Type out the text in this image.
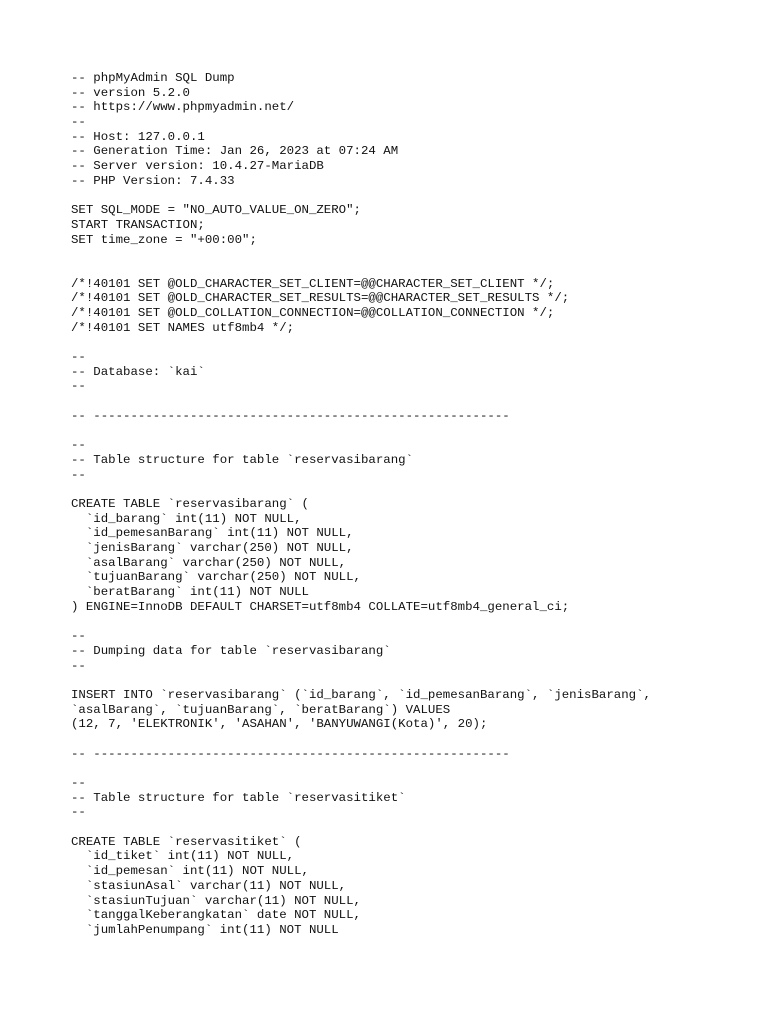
-- phpMyAdmin SQL Dump
-- version 5.2.0
-- https://www.phpmyadmin.net/
--
-- Host: 127.0.0.1
-- Generation Time: Jan 26, 2023 at 07:24 AM
-- Server version: 10.4.27-MariaDB
-- PHP Version: 7.4.33
SET SQL_MODE = "NO_AUTO_VALUE_ON_ZERO";
START TRANSACTION;
SET time_zone = "+00:00";
/*!40101 SET @OLD_CHARACTER_SET_CLIENT=@@CHARACTER_SET_CLIENT */;
/*!40101 SET @OLD_CHARACTER_SET_RESULTS=@@CHARACTER_SET_RESULTS */;
/*!40101 SET @OLD_COLLATION_CONNECTION=@@COLLATION_CONNECTION */;
/*!40101 SET NAMES utf8mb4 */;
--
-- Database: `kai`
--
-- --------------------------------------------------------
--
-- Table structure for table `reservasibarang`
--
CREATE TABLE `reservasibarang` (
`id_barang` int(11) NOT NULL,
`id_pemesanBarang` int(11) NOT NULL,
`jenisBarang` varchar(250) NOT NULL,
`asalBarang` varchar(250) NOT NULL,
`tujuanBarang` varchar(250) NOT NULL,
`beratBarang` int(11) NOT NULL
) ENGINE=InnoDB DEFAULT CHARSET=utf8mb4 COLLATE=utf8mb4_general_ci;
--
-- Dumping data for table `reservasibarang`
--
INSERT INTO `reservasibarang` (`id_barang`, `id_pemesanBarang`, `jenisBarang`,
`asalBarang`, `tujuanBarang`, `beratBarang`) VALUES
(12, 7, 'ELEKTRONIK', 'ASAHAN', 'BANYUWANGI(Kota)', 20);
-- --------------------------------------------------------
--
-- Table structure for table `reservasitiket`
--
CREATE TABLE `reservasitiket` (
`id_tiket` int(11) NOT NULL,
`id_pemesan` int(11) NOT NULL,
`stasiunAsal` varchar(11) NOT NULL,
`stasiunTujuan` varchar(11) NOT NULL,
`tanggalKeberangkatan` date NOT NULL,
`jumlahPenumpang` int(11) NOT NULL
